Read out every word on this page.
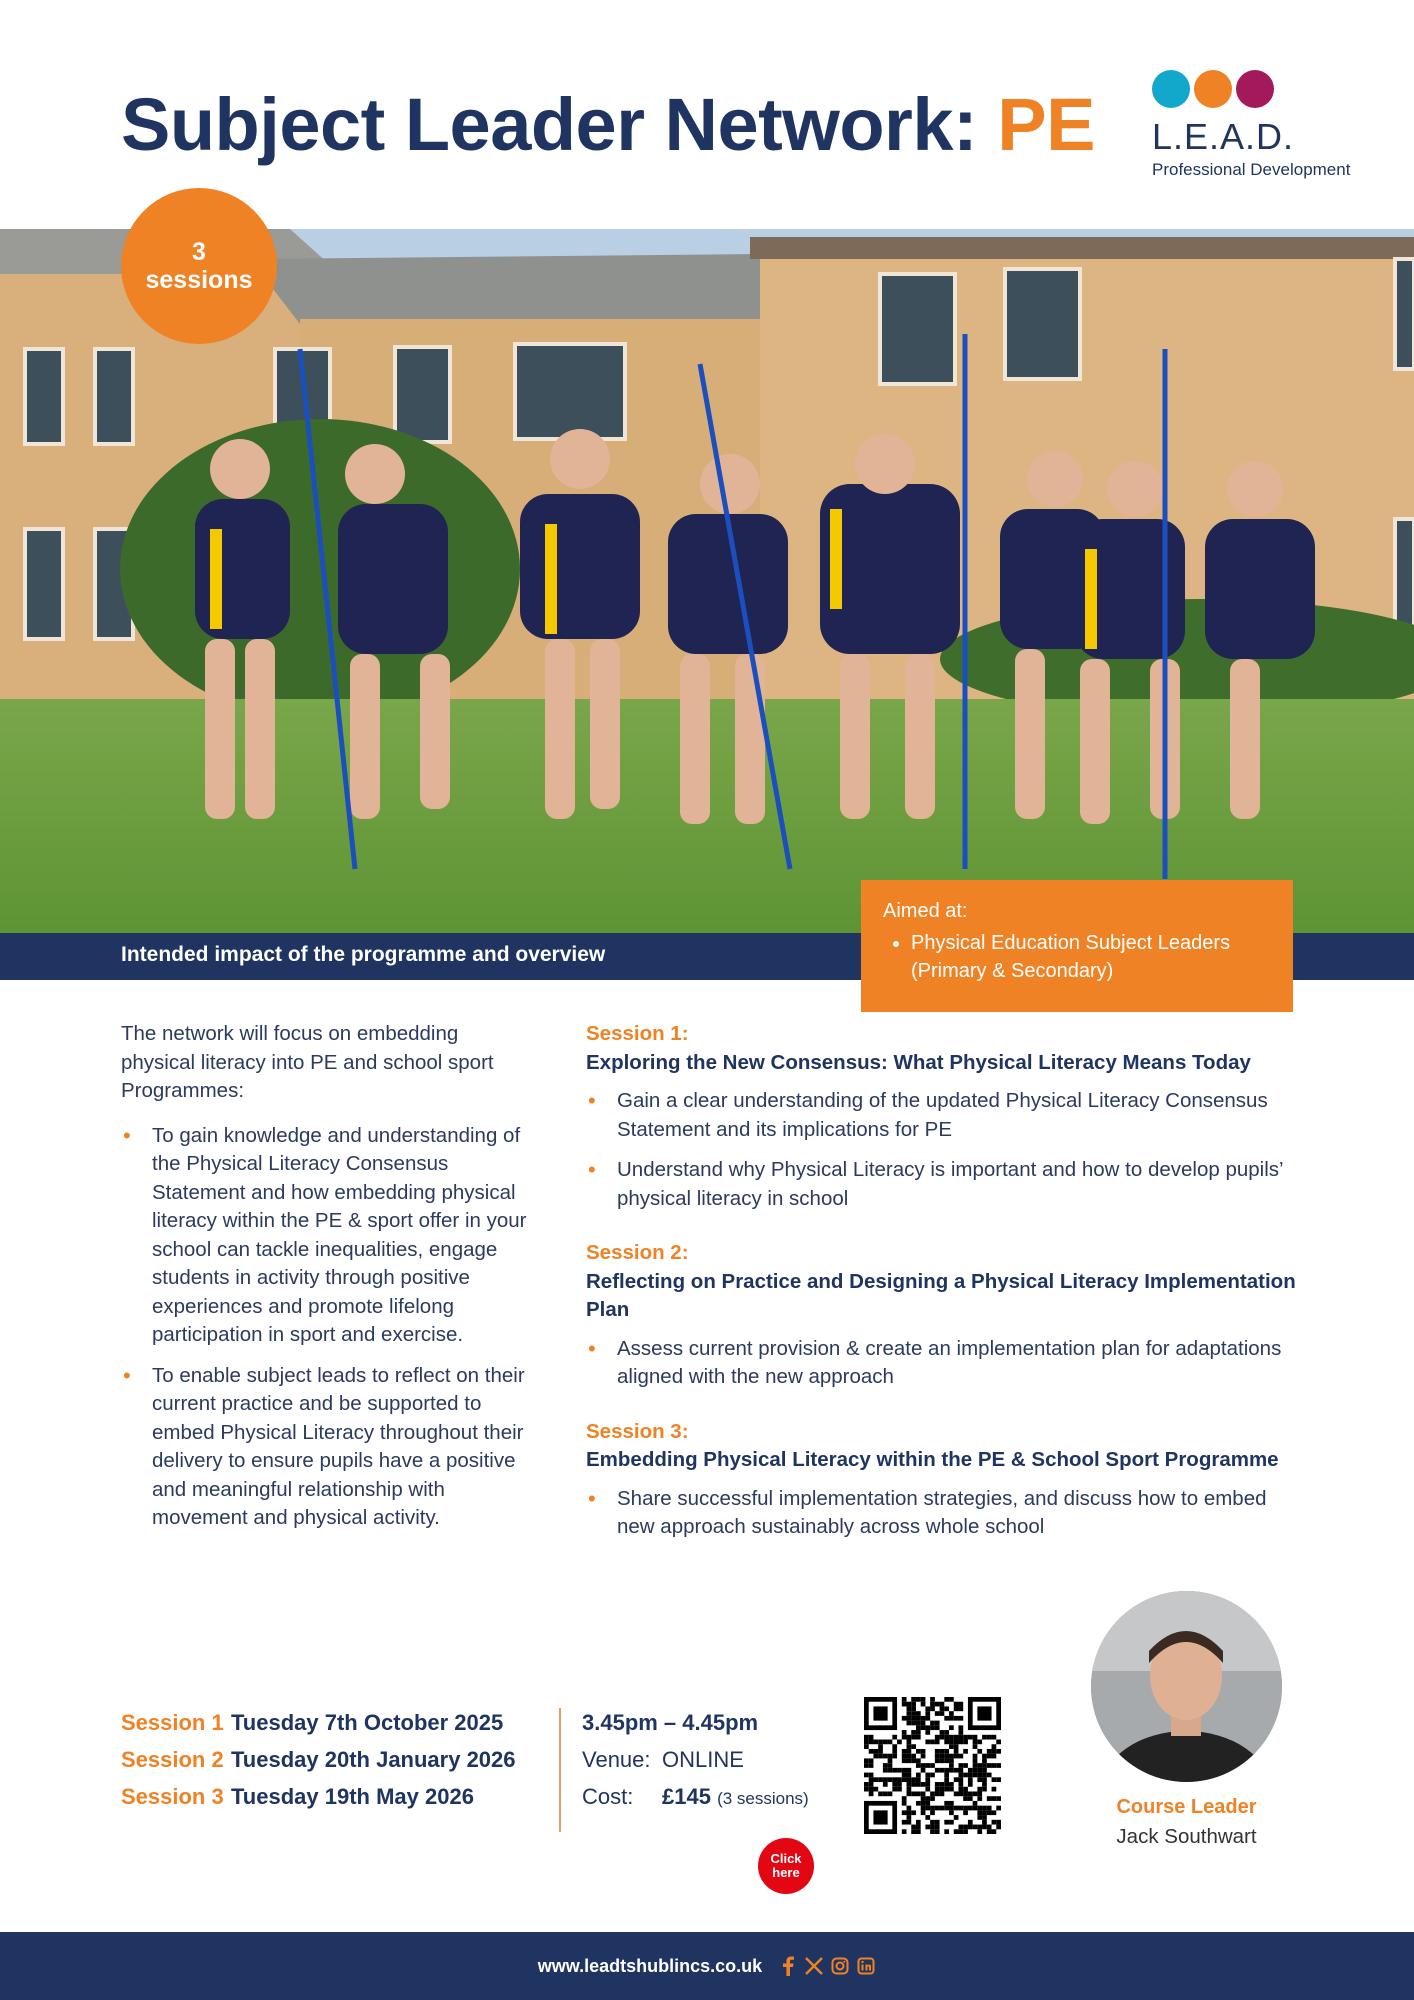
Subject Leader Network: PE L.E.A.D.
Professional Development
3
sessions
Intended impact of the programme and overview
Aimed at:
• Physical Education Subject Leaders (Primary & Secondary)

The network will focus on embedding physical literacy into PE and school sport Programmes:

• To gain knowledge and understanding of the Physical Literacy Consensus Statement and how embedding physical literacy within the PE & sport offer in your school can tackle inequalities, engage students in activity through positive experiences and promote lifelong participation in sport and exercise.
• To enable subject leads to reflect on their current practice and be supported to embed Physical Literacy throughout their delivery to ensure pupils have a positive and meaningful relationship with movement and physical activity.
Session 1:
Exploring the New Consensus: What Physical Literacy Means Today
• Gain a clear understanding of the updated Physical Literacy Consensus Statement and its implications for PE
• Understand why Physical Literacy is important and how to develop pupils’ physical literacy in school
Session 2:
Reflecting on Practice and Designing a Physical Literacy Implementation Plan
• Assess current provision & create an implementation plan for adaptations aligned with the new approach
Session 3:
Embedding Physical Literacy within the PE & School Sport Programme
• Share successful implementation strategies, and discuss how to embed new approach sustainably across whole school
Session 1 Tuesday 7th October 2025
Session 2 Tuesday 20th January 2026
Session 3 Tuesday 19th May 2026
3.45pm – 4.45pm
Venue: ONLINE
Cost: £145 (3 sessions)
Click
here
Course Leader
Jack Southwart
www.leadtshublincs.co.uk
